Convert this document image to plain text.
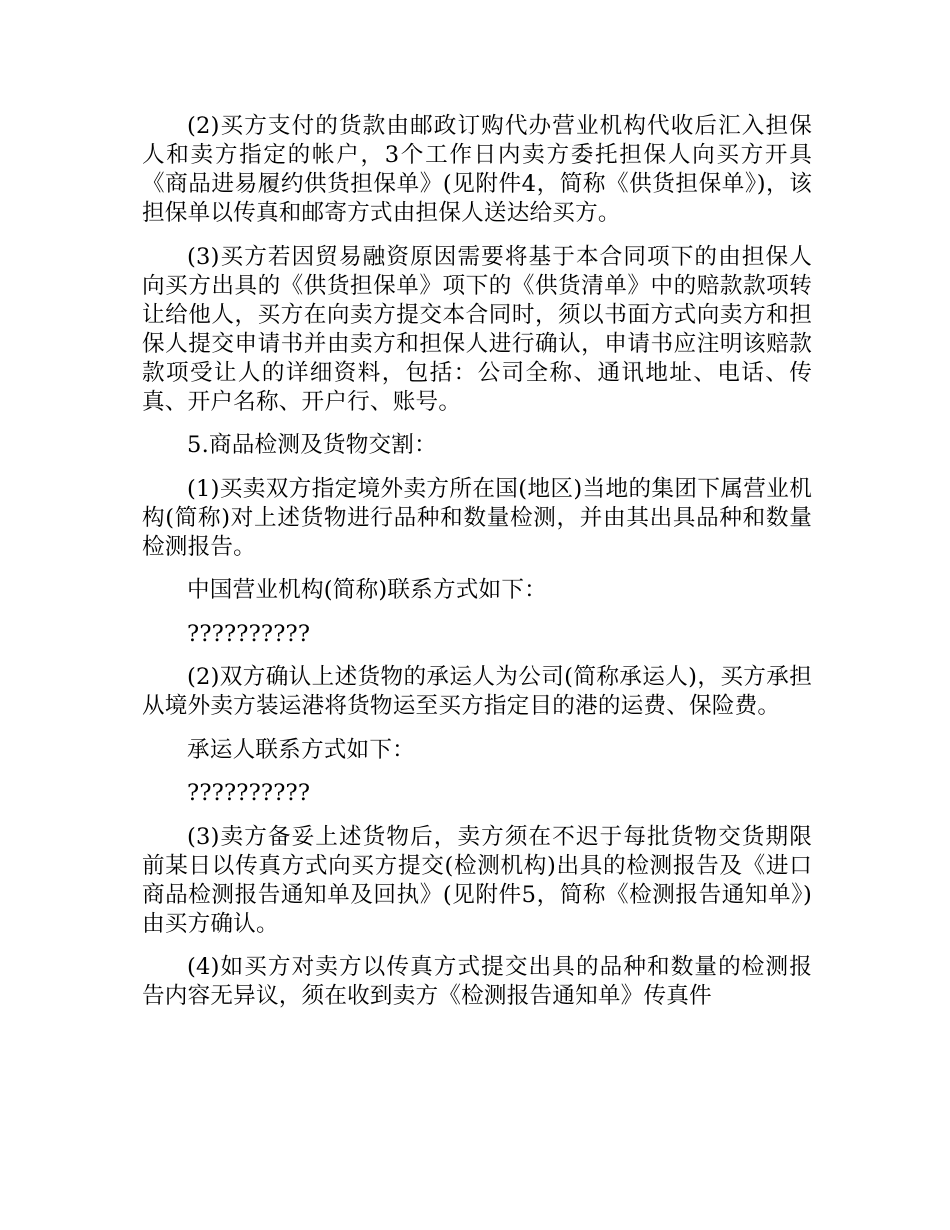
(2)买方支付的货款由邮政订购代办营业机构代收后汇入担保人和卖方指定的帐户，3个工作日内卖方委托担保人向买方开具《商品进易履约供货担保单》(见附件4，简称《供货担保单》)，该担保单以传真和邮寄方式由担保人送达给买方。

(3)买方若因贸易融资原因需要将基于本合同项下的由担保人向买方出具的《供货担保单》项下的《供货清单》中的赔款款项转让给他人，买方在向卖方提交本合同时，须以书面方式向卖方和担保人提交申请书并由卖方和担保人进行确认，申请书应注明该赔款款项受让人的详细资料，包括：公司全称、通讯地址、电话、传真、开户名称、开户行、账号。

5.商品检测及货物交割：

(1)买卖双方指定境外卖方所在国(地区)当地的集团下属营业机构(简称)对上述货物进行品种和数量检测，并由其出具品种和数量检测报告。

中国营业机构(简称)联系方式如下：

??????????

(2)双方确认上述货物的承运人为公司(简称承运人)，买方承担从境外卖方装运港将货物运至买方指定目的港的运费、保险费。

承运人联系方式如下：

??????????

(3)卖方备妥上述货物后，卖方须在不迟于每批货物交货期限前某日以传真方式向买方提交(检测机构)出具的检测报告及《进口商品检测报告通知单及回执》(见附件5，简称《检测报告通知单》)由买方确认。

(4)如买方对卖方以传真方式提交出具的品种和数量的检测报告内容无异议，须在收到卖方《检测报告通知单》传真件
